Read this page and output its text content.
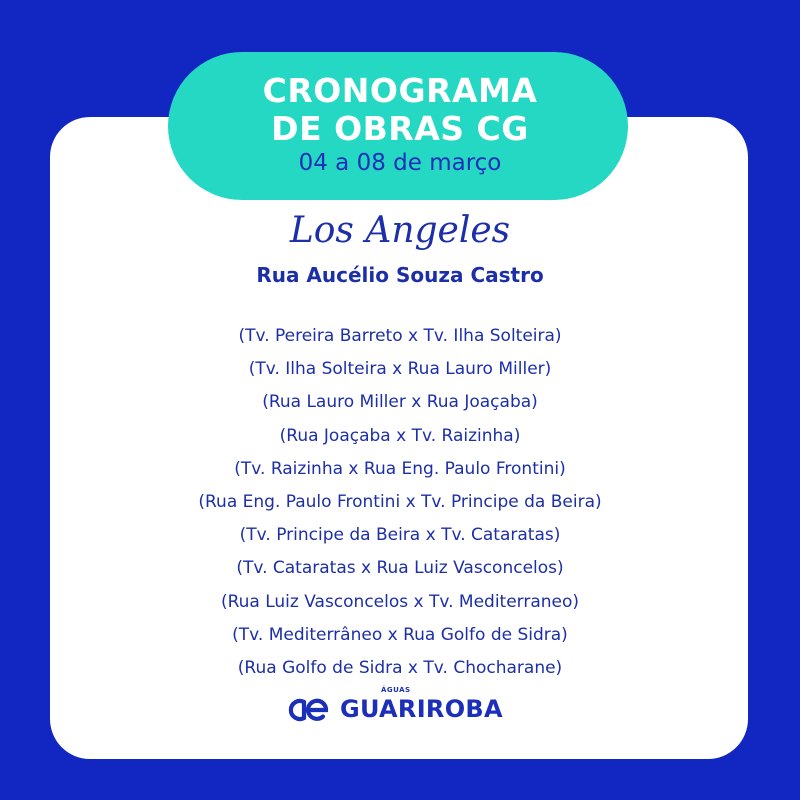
CRONOGRAMA
DE OBRAS CG
04 a 08 de março
Los Angeles
Rua Aucélio Souza Castro
(Tv. Pereira Barreto x Tv. Ilha Solteira)
(Tv. Ilha Solteira x Rua Lauro Miller)
(Rua Lauro Miller x Rua Joaçaba)
(Rua Joaçaba x Tv. Raizinha)
(Tv. Raizinha x Rua Eng. Paulo Frontini)
(Rua Eng. Paulo Frontini x Tv. Principe da Beira)
(Tv. Principe da Beira x Tv. Cataratas)
(Tv. Cataratas x Rua Luiz Vasconcelos)
(Rua Luiz Vasconcelos x Tv. Mediterraneo)
(Tv. Mediterrâneo x Rua Golfo de Sidra)
(Rua Golfo de Sidra x Tv. Chocharane)
ÁGUAS
GUARIROBA
